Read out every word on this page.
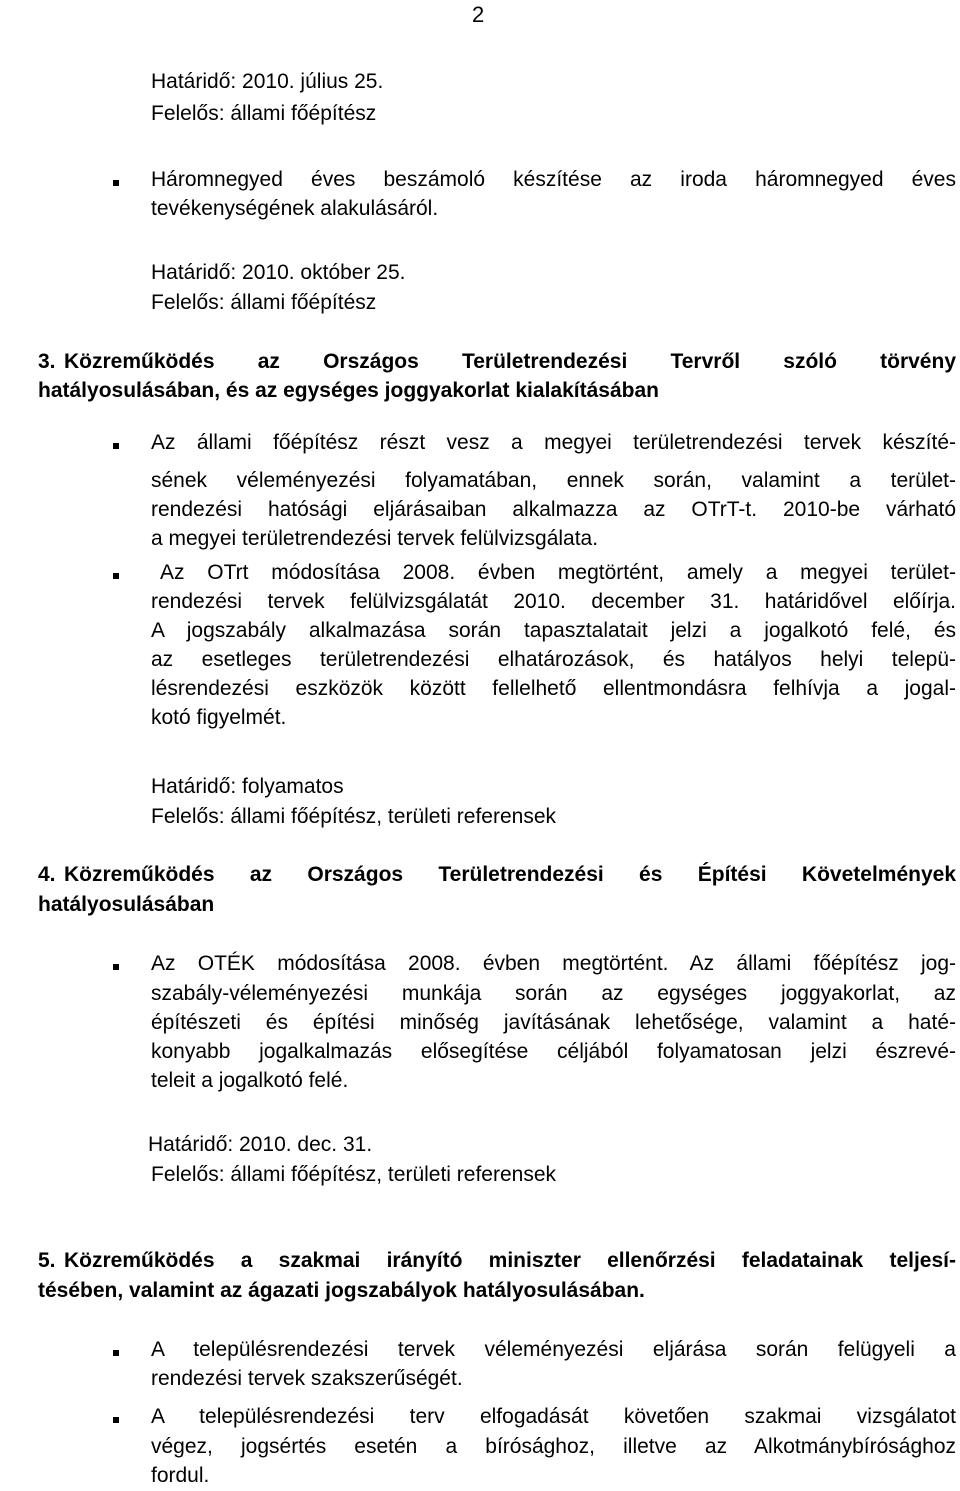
2
Határidő: 2010. július 25.
Felelős: állami főépítész
Háromnegyed éves beszámoló készítése az iroda háromnegyed éves
tevékenységének alakulásáról.
Határidő: 2010. október 25.
Felelős: állami főépítész
3. Közreműködés az Országos Területrendezési Tervről szóló törvény
hatályosulásában, és az egységes joggyakorlat kialakításában
Az állami főépítész részt vesz a megyei területrendezési tervek készíté-
sének véleményezési folyamatában, ennek során, valamint a terület-
rendezési hatósági eljárásaiban alkalmazza az OTrT-t. 2010-be várható
a megyei területrendezési tervek felülvizsgálata.
Az OTrt módosítása 2008. évben megtörtént, amely a megyei terület-
rendezési tervek felülvizsgálatát 2010. december 31. határidővel előírja.
A jogszabály alkalmazása során tapasztalatait jelzi a jogalkotó felé, és
az esetleges területrendezési elhatározások, és hatályos helyi telepü-
lésrendezési eszközök között fellelhető ellentmondásra felhívja a jogal-
kotó figyelmét.
Határidő: folyamatos
Felelős: állami főépítész, területi referensek
4. Közreműködés az Országos Területrendezési és Építési Követelmények
hatályosulásában
Az OTÉK módosítása 2008. évben megtörtént. Az állami főépítész jog-
szabály-véleményezési munkája során az egységes joggyakorlat, az
építészeti és építési minőség javításának lehetősége, valamint a haté-
konyabb jogalkalmazás elősegítése céljából folyamatosan jelzi észrevé-
teleit a jogalkotó felé.
Határidő: 2010. dec. 31.
Felelős: állami főépítész, területi referensek
5. Közreműködés a szakmai irányító miniszter ellenőrzési feladatainak teljesí-
tésében, valamint az ágazati jogszabályok hatályosulásában.
A településrendezési tervek véleményezési eljárása során felügyeli a
rendezési tervek szakszerűségét.
A településrendezési terv elfogadását követően szakmai vizsgálatot
végez, jogsértés esetén a bírósághoz, illetve az Alkotmánybírósághoz
fordul.
